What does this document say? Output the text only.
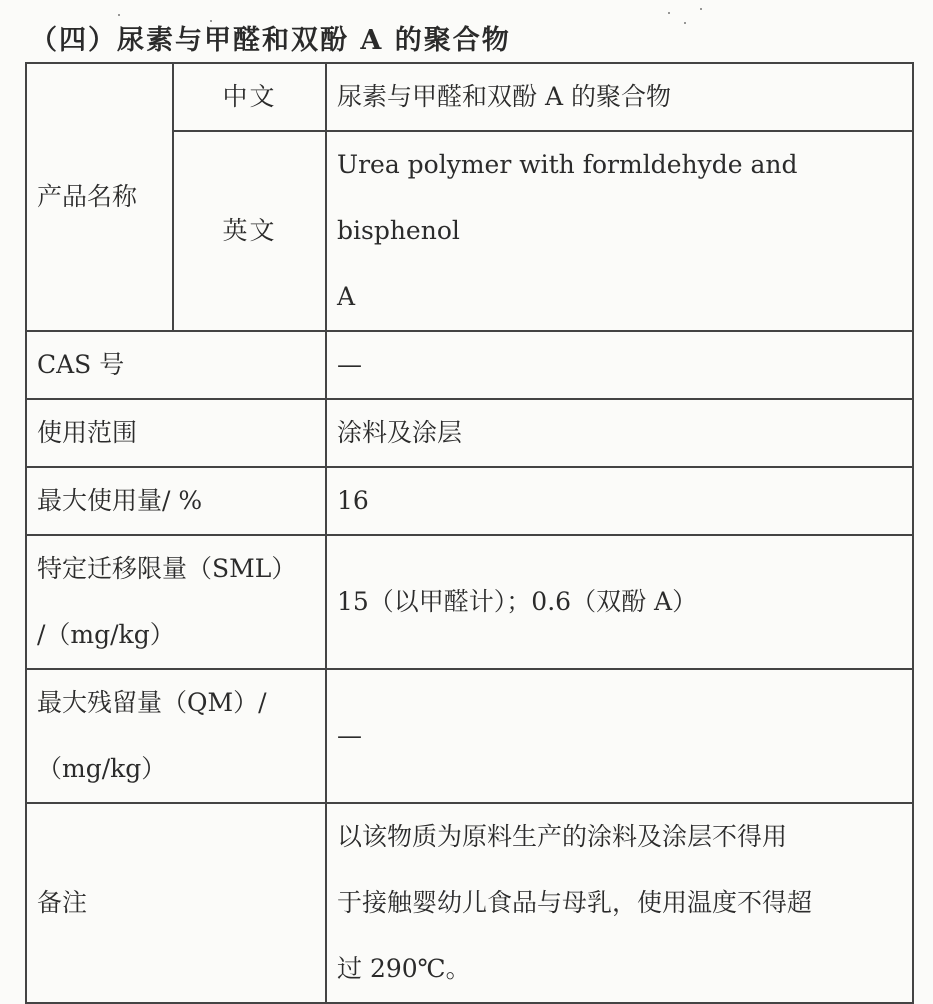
（四）尿素与甲醛和双酚 A 的聚合物
产品名称	中文	尿素与甲醛和双酚 A 的聚合物
	英文	Urea polymer with formldehyde and bisphenol
A

CAS 号		—
使用范围		涂料及涂层
最大使用量/ %		16

特定迁移限量（SML）
/（mg/kg）		15（以甲醛计）；0.6（双酚 A）

最大残留量（QM）/
（mg/kg）		—
备注		以该物质为原料生产的涂料及涂层不得用
于接触婴幼儿食品与母乳，使用温度不得超
过 290℃。
